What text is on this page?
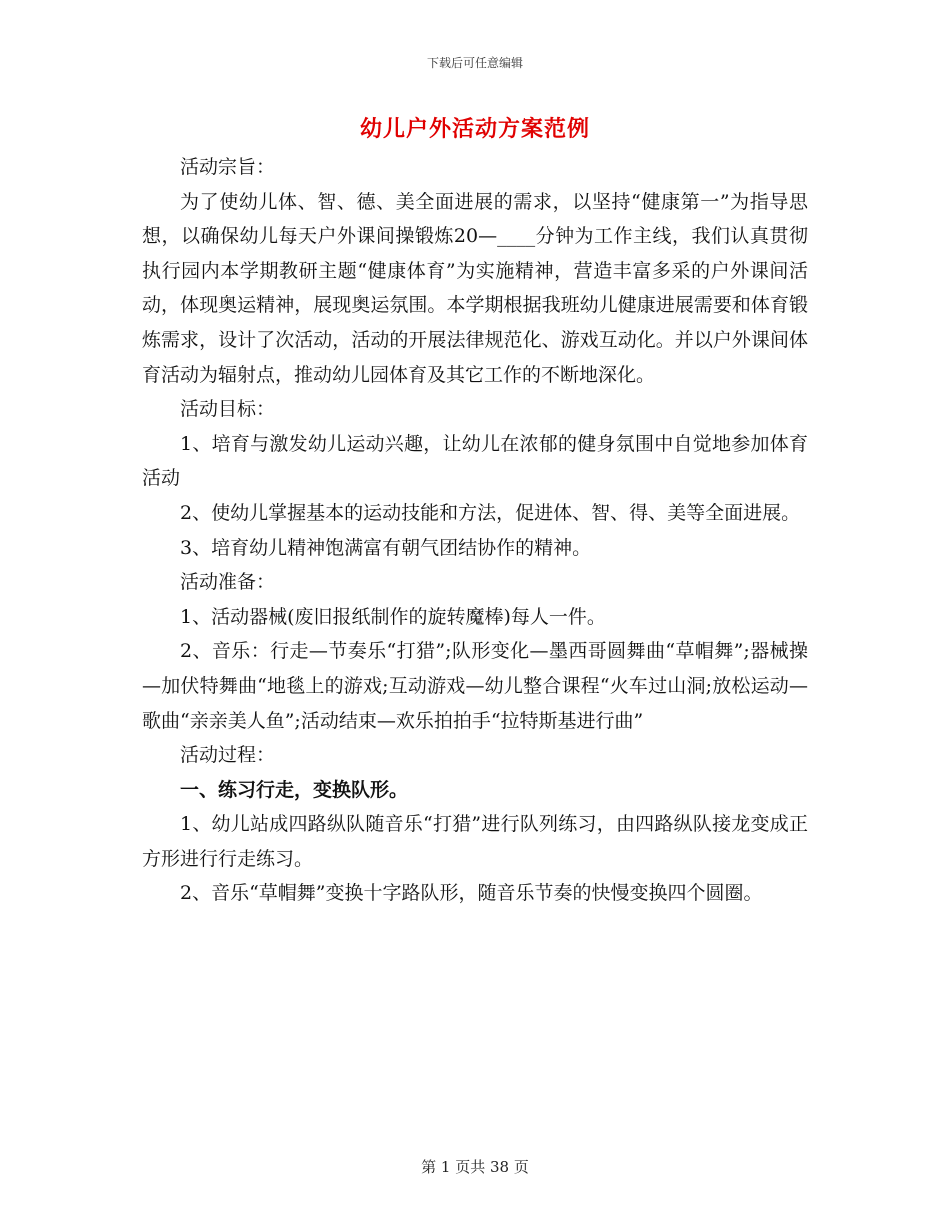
下载后可任意编辑
幼儿户外活动方案范例

活动宗旨：

为了使幼儿体、智、德、美全面进展的需求，以坚持“健康第一”为指导思想，以确保幼儿每天户外课间操锻炼20—____分钟为工作主线，我们认真贯彻执行园内本学期教研主题“健康体育”为实施精神，营造丰富多采的户外课间活动，体现奥运精神，展现奥运氛围。本学期根据我班幼儿健康进展需要和体育锻炼需求，设计了次活动，活动的开展法律规范化、游戏互动化。并以户外课间体育活动为辐射点，推动幼儿园体育及其它工作的不断地深化。

活动目标：

1、培育与激发幼儿运动兴趣，让幼儿在浓郁的健身氛围中自觉地参加体育活动

2、使幼儿掌握基本的运动技能和方法，促进体、智、得、美等全面进展。

3、培育幼儿精神饱满富有朝气团结协作的精神。

活动准备：

1、活动器械(废旧报纸制作的旋转魔棒)每人一件。

2、音乐：行走—节奏乐“打猎”;队形变化—墨西哥圆舞曲“草帽舞”;器械操—加伏特舞曲“地毯上的游戏;互动游戏—幼儿整合课程“火车过山洞;放松运动—歌曲“亲亲美人鱼”;活动结束—欢乐拍拍手“拉特斯基进行曲”

活动过程：

一、练习行走，变换队形。

1、幼儿站成四路纵队随音乐“打猎”进行队列练习，由四路纵队接龙变成正方形进行行走练习。

2、音乐“草帽舞”变换十字路队形，随音乐节奏的快慢变换四个圆圈。

第 1 页共 38 页
